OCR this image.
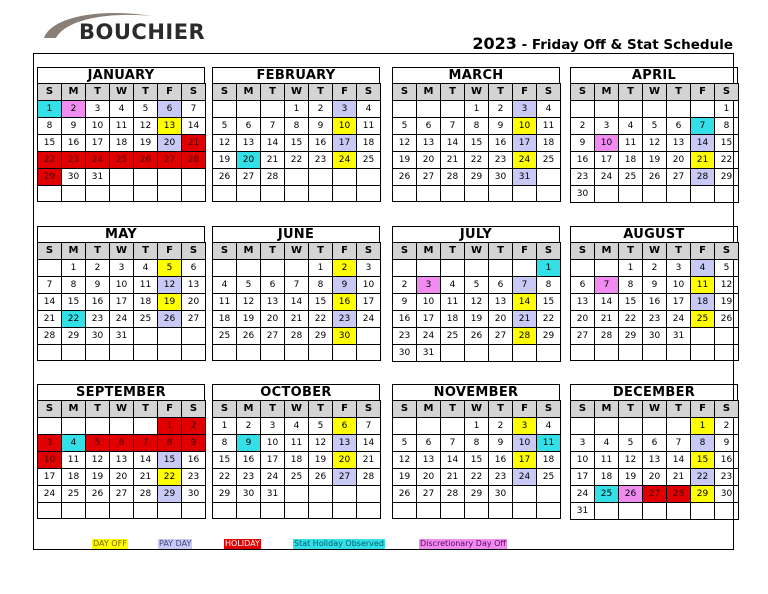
BOUCHIER	2023 - Friday Off & Stat Schedule
DAY OFF	PAY DAY	HOLIDAY	Stat Holiday Observed	Discretionary Day Off
JANUARY
S	M	T	W	T	F	S
1	2	3	4	5	6	7
8	9	10	11	12	13	14
15	16	17	18	19	20	21
22	23	24	25	26	27	28
29	30	31				

FEBRUARY
S	M	T	W	T	F	S
			1	2	3	4
5	6	7	8	9	10	11
12	13	14	15	16	17	18
19	20	21	22	23	24	25
26	27	28				

MARCH
S	M	T	W	T	F	S
			1	2	3	4
5	6	7	8	9	10	11
12	13	14	15	16	17	18
19	20	21	22	23	24	25
26	27	28	29	30	31	

APRIL
S	M	T	W	T	F	S
						1
2	3	4	5	6	7	8
9	10	11	12	13	14	15
16	17	18	19	20	21	22
23	24	25	26	27	28	29
30						
MAY
S	M	T	W	T	F	S
	1	2	3	4	5	6
7	8	9	10	11	12	13
14	15	16	17	18	19	20
21	22	23	24	25	26	27
28	29	30	31			

JUNE
S	M	T	W	T	F	S
				1	2	3
4	5	6	7	8	9	10
11	12	13	14	15	16	17
18	19	20	21	22	23	24
25	26	27	28	29	30	

JULY
S	M	T	W	T	F	S
						1
2	3	4	5	6	7	8
9	10	11	12	13	14	15
16	17	18	19	20	21	22
23	24	25	26	27	28	29
30	31					
AUGUST
S	M	T	W	T	F	S
		1	2	3	4	5
6	7	8	9	10	11	12
13	14	15	16	17	18	19
20	21	22	23	24	25	26
27	28	29	30	31		

SEPTEMBER
S	M	T	W	T	F	S
					1	2
3	4	5	6	7	8	9
10	11	12	13	14	15	16
17	18	19	20	21	22	23
24	25	26	27	28	29	30

OCTOBER
S	M	T	W	T	F	S
1	2	3	4	5	6	7
8	9	10	11	12	13	14
15	16	17	18	19	20	21
22	23	24	25	26	27	28
29	30	31				

NOVEMBER
S	M	T	W	T	F	S
			1	2	3	4
5	6	7	8	9	10	11
12	13	14	15	16	17	18
19	20	21	22	23	24	25
26	27	28	29	30		

DECEMBER
S	M	T	W	T	F	S
					1	2
3	4	5	6	7	8	9
10	11	12	13	14	15	16
17	18	19	20	21	22	23
24	25	26	27	28	29	30
31						
